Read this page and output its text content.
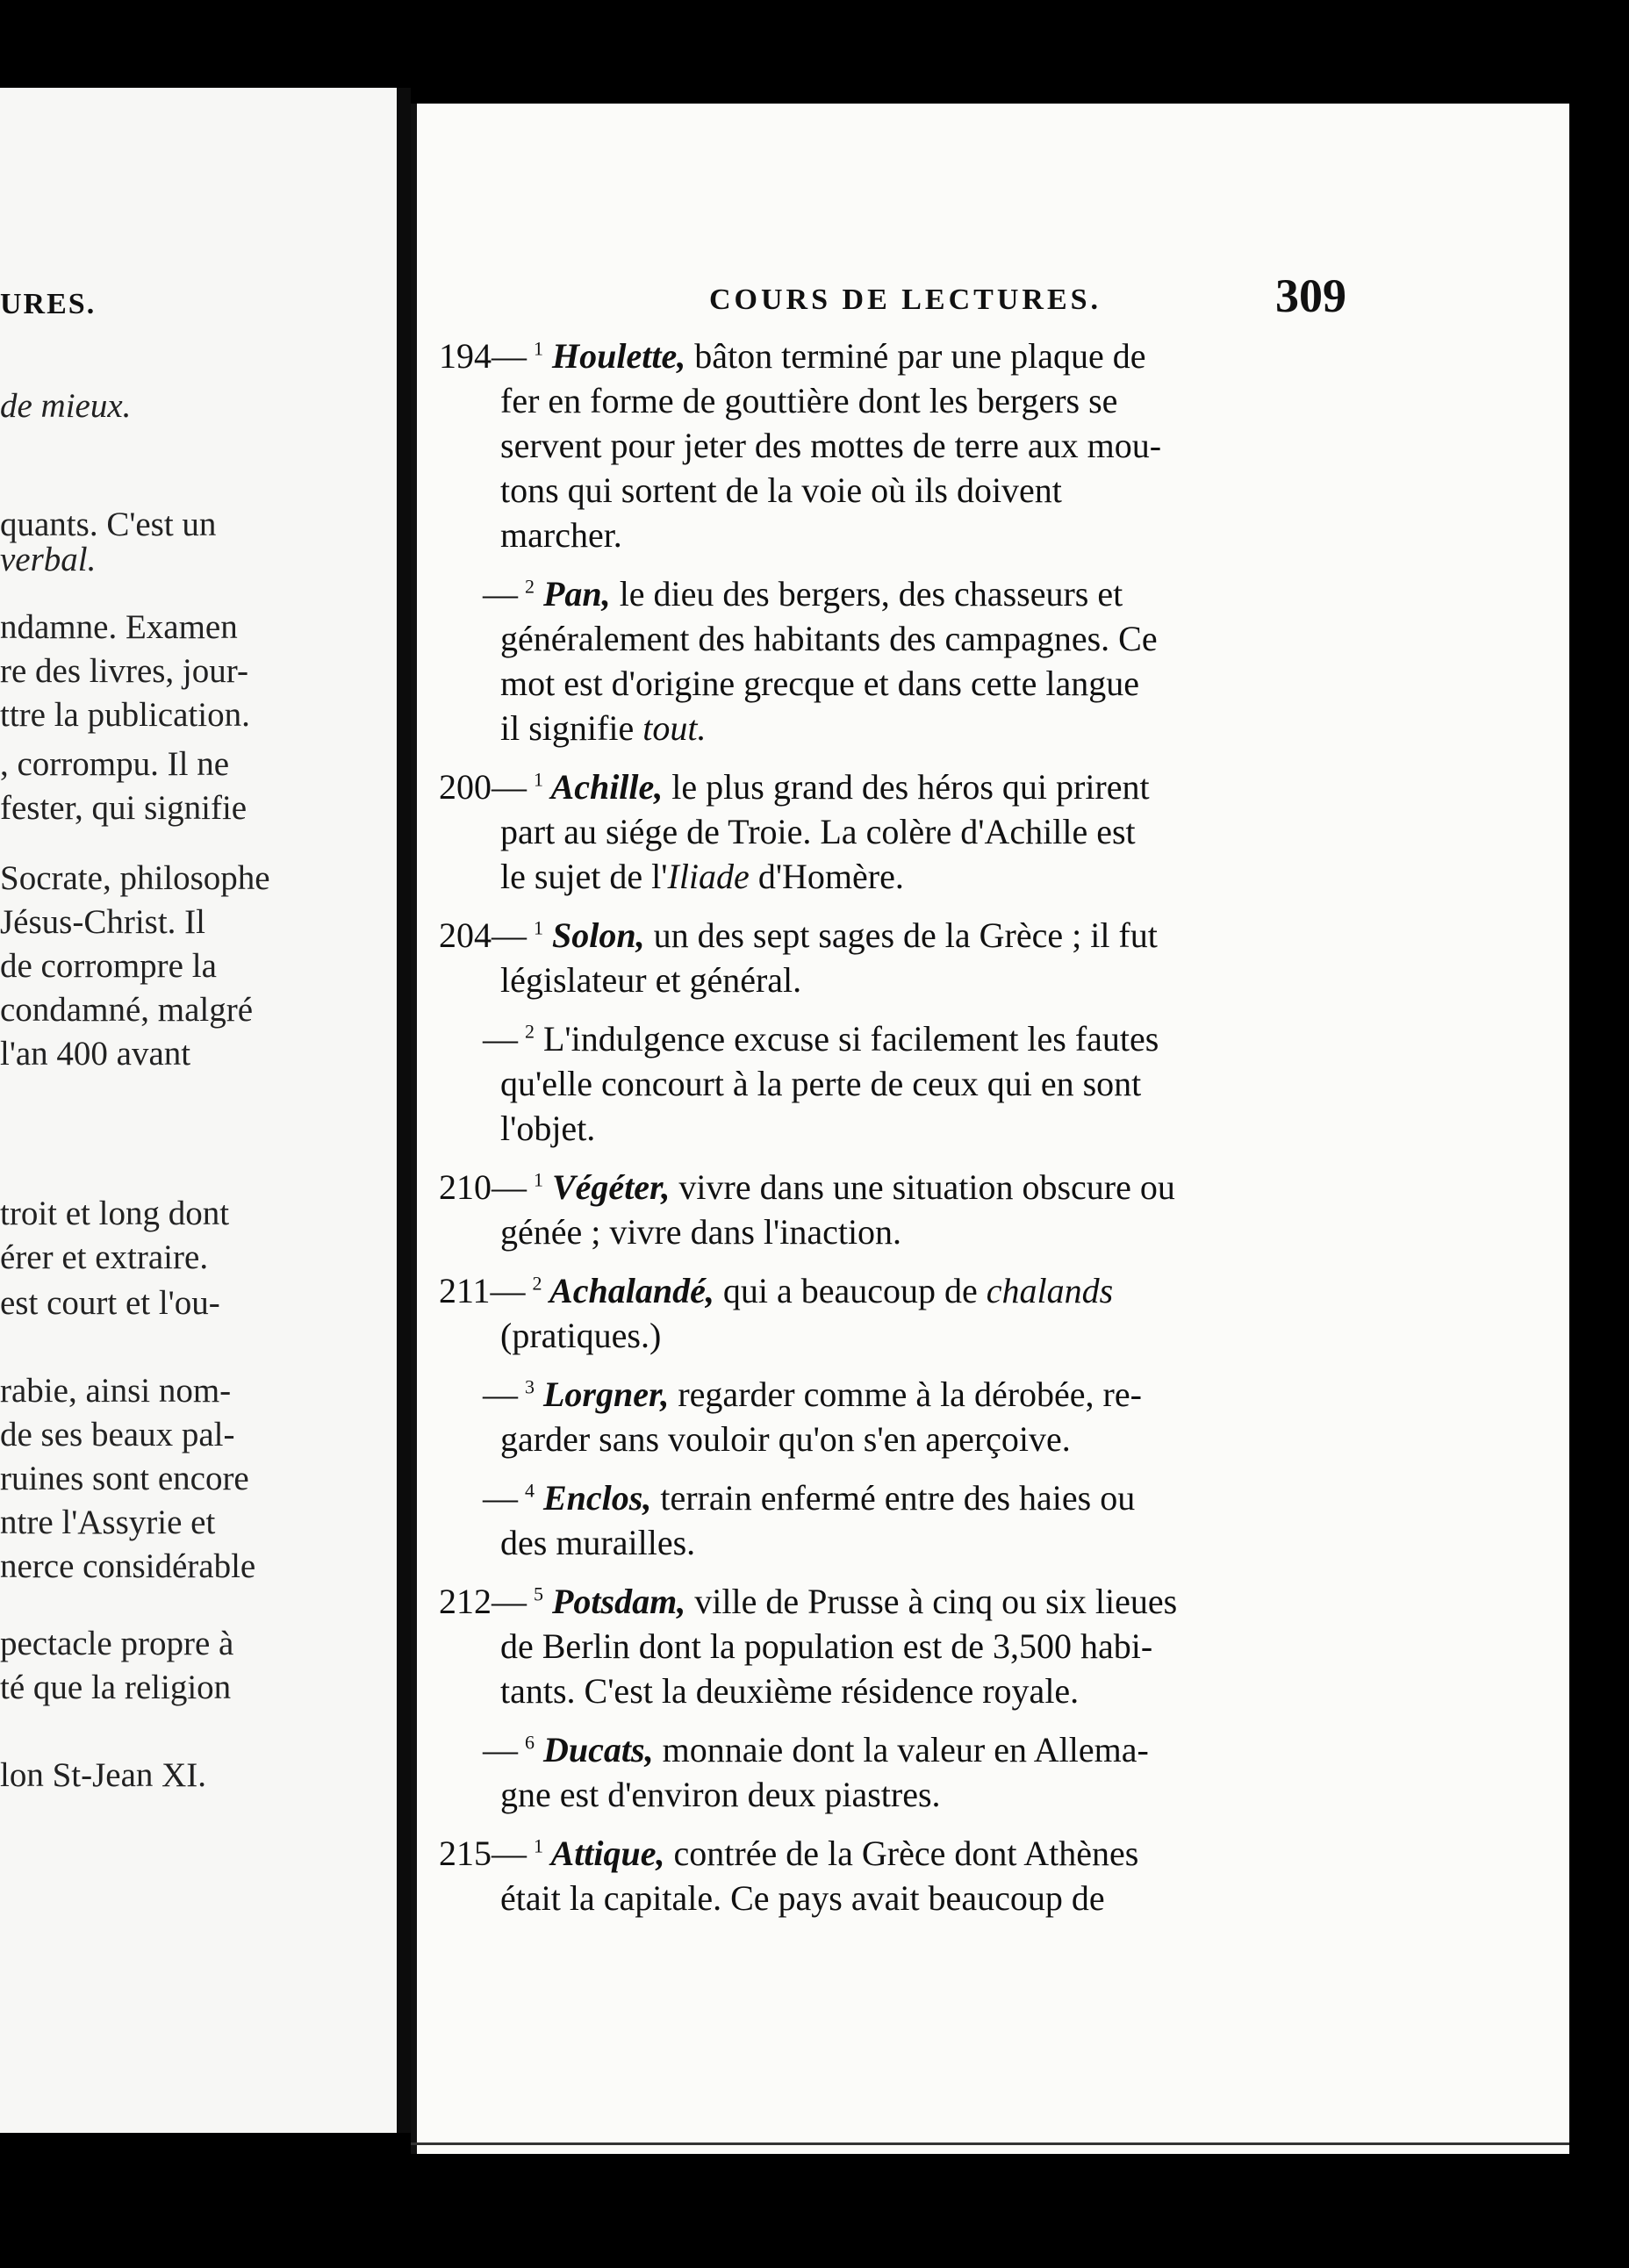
URES.
de mieux.
quants. C'est un
verbal.
ndamne. Examen
re des livres, jour-
ttre la publication.
, corrompu. Il ne
fester, qui signifie
Socrate, philosophe
Jésus-Christ. Il
de corrompre la
condamné, malgré
l'an 400 avant
troit et long dont
érer et extraire.
est court et l'ou-
rabie, ainsi nom-
de ses beaux pal-
ruines sont encore
ntre l'Assyrie et
nerce considérable
pectacle propre à
té que la religion
lon St-Jean XI.
COURS DE LECTURES.	309
194— $^1$ Houlette, bâton terminé par une plaque de
fer en forme de gouttière dont les bergers se
servent pour jeter des mottes de terre aux mou-
tons qui sortent de la voie où ils doivent
marcher.
— $^2$ Pan, le dieu des bergers, des chasseurs et
généralement des habitants des campagnes. Ce
mot est d'origine grecque et dans cette langue
il signifie tout.
200— $^1$ Achille, le plus grand des héros qui prirent
part au siége de Troie. La colère d'Achille est
le sujet de l'Iliade d'Homère.
204— $^1$ Solon, un des sept sages de la Grèce ; il fut
législateur et général.
— $^2$ L'indulgence excuse si facilement les fautes
qu'elle concourt à la perte de ceux qui en sont
l'objet.
210— $^1$ Végéter, vivre dans une situation obscure ou
génée ; vivre dans l'inaction.
211— $^2$ Achalandé, qui a beaucoup de chalands
(pratiques.)
— $^3$ Lorgner, regarder comme à la dérobée, re-
garder sans vouloir qu'on s'en aperçoive.
— $^4$ Enclos, terrain enfermé entre des haies ou
des murailles.
212— $^5$ Potsdam, ville de Prusse à cinq ou six lieues
de Berlin dont la population est de 3,500 habi-
tants. C'est la deuxième résidence royale.
— $^6$ Ducats, monnaie dont la valeur en Allema-
gne est d'environ deux piastres.
215— $^1$ Attique, contrée de la Grèce dont Athènes
était la capitale. Ce pays avait beaucoup de
